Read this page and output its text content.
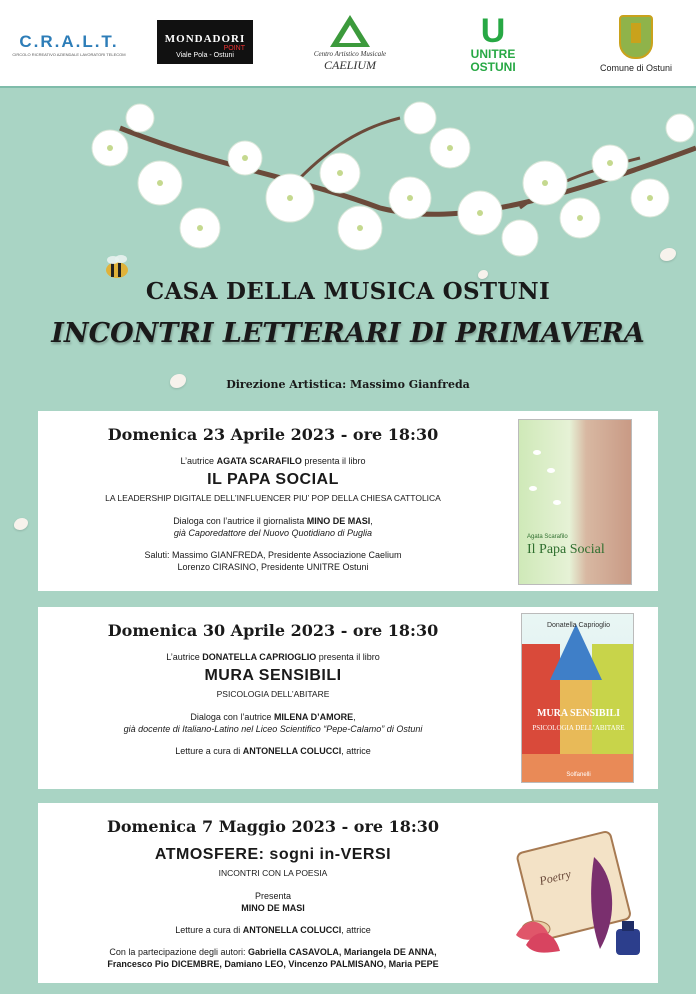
C.R.A.L.T.
CIRCOLO RICREATIVO AZIENDALE LAVORATORI TELECOM
MONDADORI
POINT
Viale Pola - Ostuni	Centro Artistico Musicale
CAELIUM
U
UNITRE
OSTUNI	Comune di Ostuni
CASA DELLA MUSICA OSTUNI
INCONTRI LETTERARI DI PRIMAVERA
Direzione Artistica: Massimo Gianfreda
Domenica 23 Aprile 2023 - ore 18:30
L’autrice AGATA SCARAFILO presenta il libro
IL PAPA SOCIAL
LA LEADERSHIP DIGITALE DELL’INFLUENCER PIU’ POP DELLA CHIESA CATTOLICA
Dialoga con l’autrice il giornalista MINO DE MASI,
già Caporedattore del Nuovo Quotidiano di Puglia
Saluti: Massimo GIANFREDA, Presidente Associazione Caelium
Lorenzo CIRASINO, Presidente UNITRE Ostuni
Agata Scarafilo
Il Papa Social
Domenica 30 Aprile 2023 - ore 18:30
L’autrice DONATELLA CAPRIOGLIO presenta il libro
MURA SENSIBILI
PSICOLOGIA DELL’ABITARE
Dialoga con l’autrice MILENA D’AMORE,
già docente di Italiano-Latino nel Liceo Scientifico “Pepe-Calamo” di Ostuni
Letture a cura di ANTONELLA COLUCCI, attrice
Donatella Caprioglio
MURA SENSIBILI
PSICOLOGIA DELL’ABITARE
Solfanelli
Domenica 7 Maggio 2023 - ore 18:30
ATMOSFERE: sogni in-VERSI
INCONTRI CON LA POESIA
Presenta
MINO DE MASI
Letture a cura di ANTONELLA COLUCCI, attrice
Con la partecipazione degli autori: Gabriella CASAVOLA, Mariangela DE ANNA,
Francesco Pio DICEMBRE, Damiano LEO, Vincenzo PALMISANO, Maria PEPE
Poetry
